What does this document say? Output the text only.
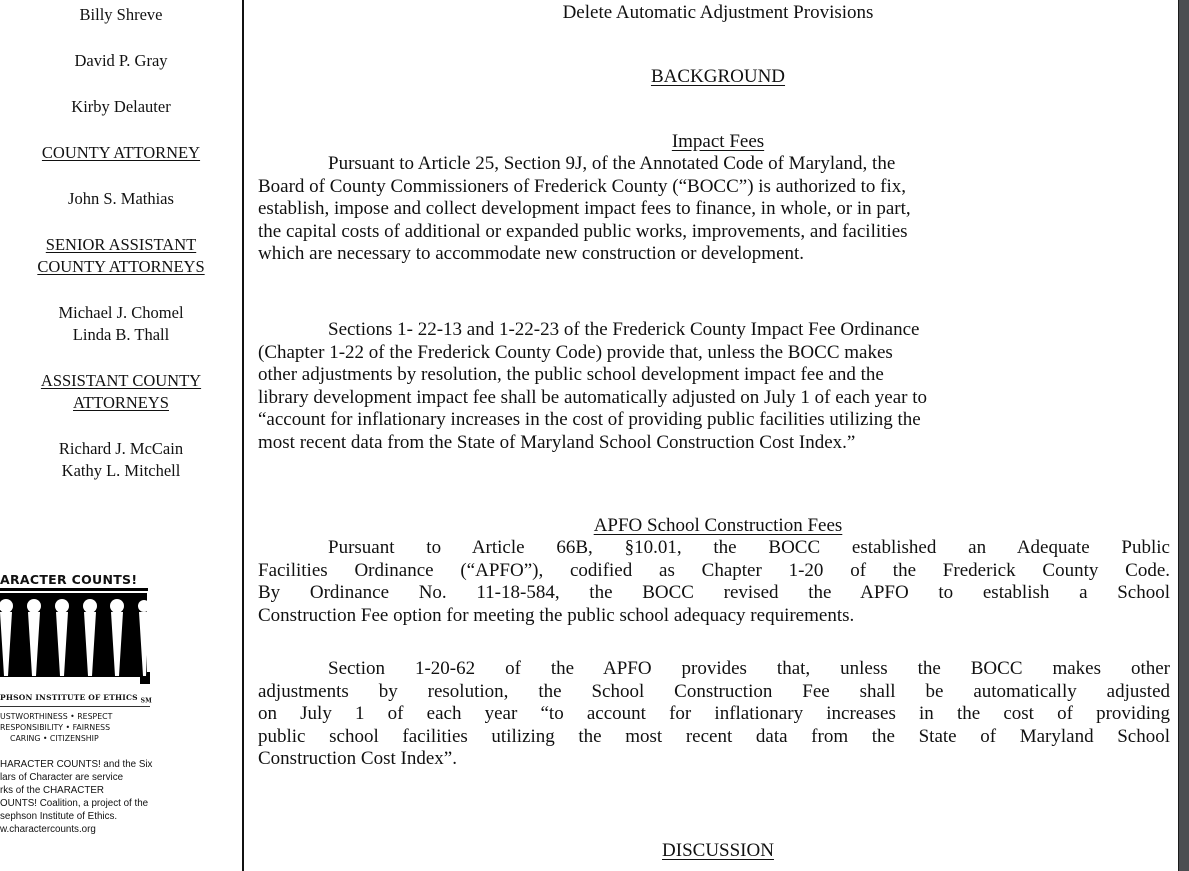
Billy Shreve
David P. Gray
Kirby Delauter
COUNTY ATTORNEY
John S. Mathias
SENIOR ASSISTANT
COUNTY ATTORNEYS
Michael J. Chomel
Linda B. Thall
ASSISTANT COUNTY
ATTORNEYS
Richard J. McCain
Kathy L. Mitchell
ARACTER COUNTS!
PHSON INSTITUTE OF ETHICS $_{SM}$
USTWORTHINESS • RESPECT
RESPONSIBILITY • FAIRNESS
CARING • CITIZENSHIP
HARACTER COUNTS! and the Six
lars of Character are service
rks of the CHARACTER
OUNTS! Coalition, a project of the
sephson Institute of Ethics.
w.charactercounts.org
Delete Automatic Adjustment Provisions
BACKGROUND
Impact Fees
Pursuant to Article 25, Section 9J, of the Annotated Code of Maryland, the
Board of County Commissioners of Frederick County (“BOCC”) is authorized to fix,
establish, impose and collect development impact fees to finance, in whole, or in part,
the capital costs of additional or expanded public works, improvements, and facilities
which are necessary to accommodate new construction or development.
Sections 1- 22-13 and 1-22-23 of the Frederick County Impact Fee Ordinance
(Chapter 1-22 of the Frederick County Code) provide that, unless the BOCC makes
other adjustments by resolution, the public school development impact fee and the
library development impact fee shall be automatically adjusted on July 1 of each year to
“account for inflationary increases in the cost of providing public facilities utilizing the
most recent data from the State of Maryland School Construction Cost Index.”
APFO School Construction Fees
Pursuant to Article 66B, §10.01, the BOCC established an Adequate Public
Facilities Ordinance (“APFO”), codified as Chapter 1-20 of the Frederick County Code.
By Ordinance No. 11-18-584, the BOCC revised the APFO to establish a School
Construction Fee option for meeting the public school adequacy requirements.
Section 1-20-62 of the APFO provides that, unless the BOCC makes other
adjustments by resolution, the School Construction Fee shall be automatically adjusted
on July 1 of each year “to account for inflationary increases in the cost of providing
public school facilities utilizing the most recent data from the State of Maryland School
Construction Cost Index”.
DISCUSSION
